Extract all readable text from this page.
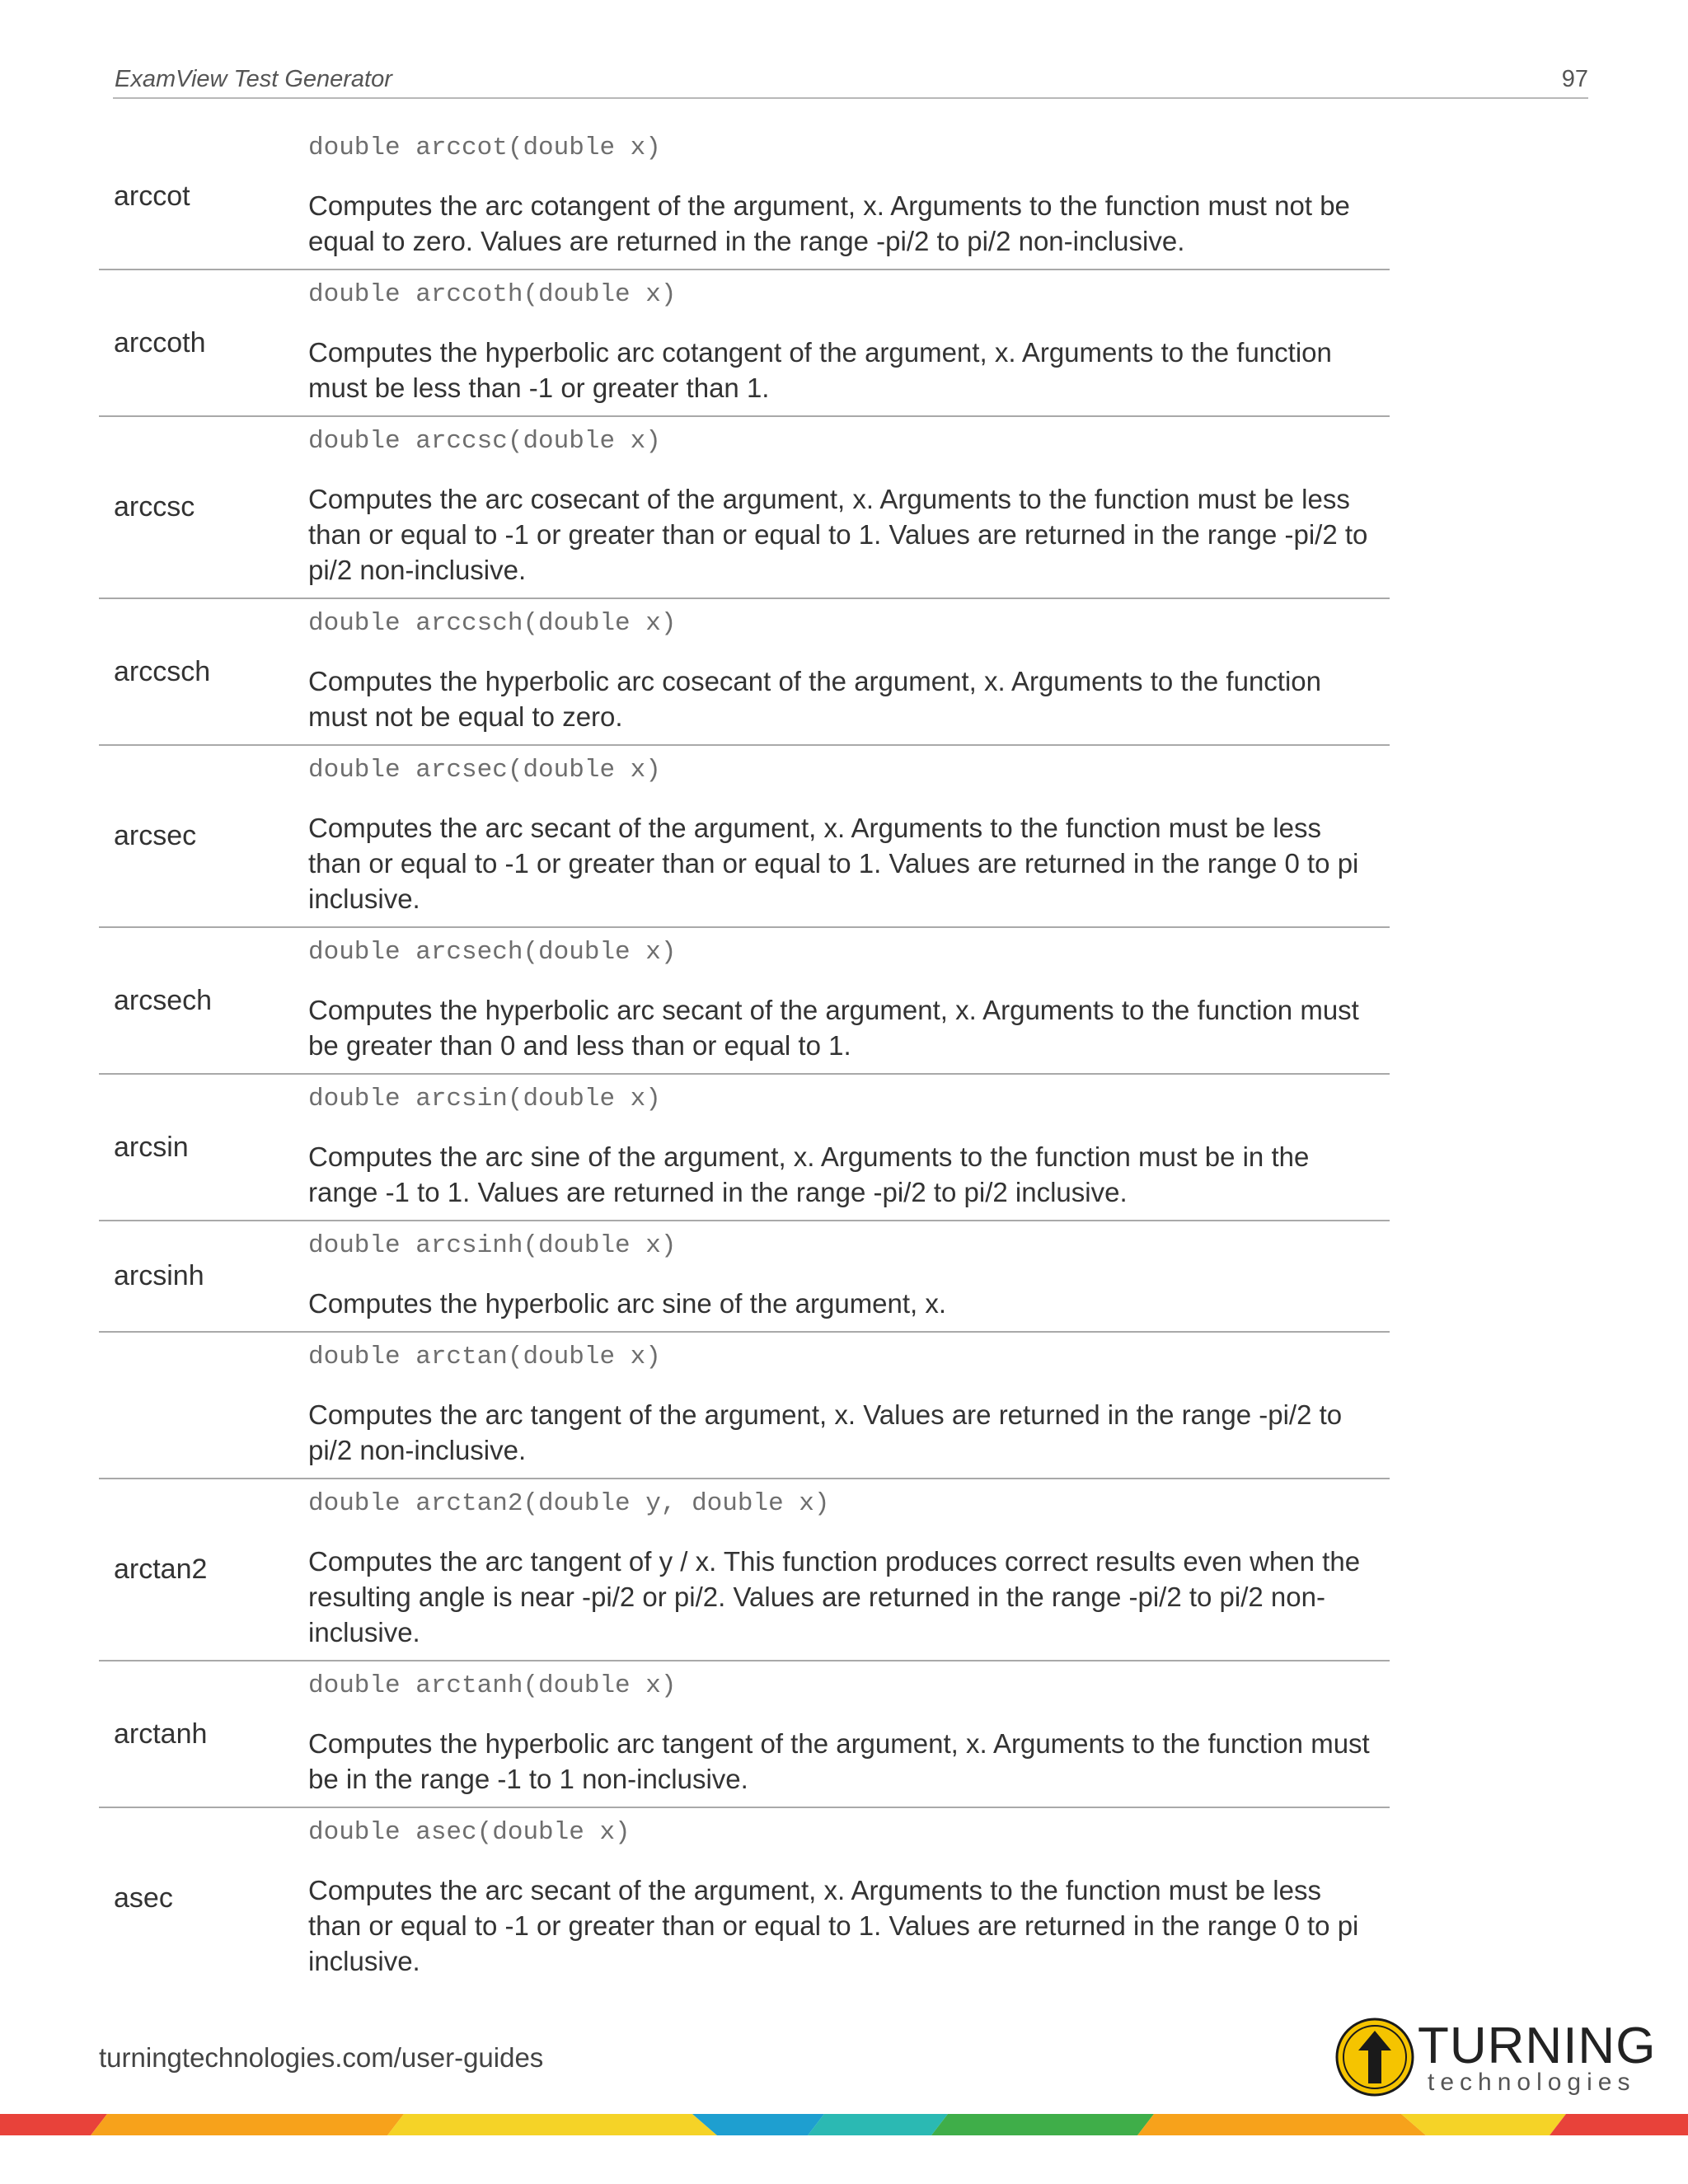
ExamView Test Generator	97
arccot
double arccot(double x)
Computes the arc cotangent of the argument, x. Arguments to the function must not be equal to zero. Values are returned in the range -pi/2 to pi/2 non-inclusive.
arccoth
double arccoth(double x)
Computes the hyperbolic arc cotangent of the argument, x. Arguments to the function must be less than -1 or greater than 1.
arccsc
double arccsc(double x)
Computes the arc cosecant of the argument, x. Arguments to the function must be less than or equal to -1 or greater than or equal to 1. Values are returned in the range -pi/2 to pi/2 non-inclusive.
arccsch
double arccsch(double x)
Computes the hyperbolic arc cosecant of the argument, x. Arguments to the function must not be equal to zero.
arcsec
double arcsec(double x)
Computes the arc secant of the argument, x. Arguments to the function must be less than or equal to -1 or greater than or equal to 1. Values are returned in the range 0 to pi inclusive.
arcsech
double arcsech(double x)
Computes the hyperbolic arc secant of the argument, x. Arguments to the function must be greater than 0 and less than or equal to 1.
arcsin
double arcsin(double x)
Computes the arc sine of the argument, x. Arguments to the function must be in the range -1 to 1. Values are returned in the range -pi/2 to pi/2 inclusive.
arcsinh
double arcsinh(double x)
Computes the hyperbolic arc sine of the argument, x.
double arctan(double x)
Computes the arc tangent of the argument, x. Values are returned in the range -pi/2 to pi/2 non-inclusive.
arctan2
double arctan2(double y, double x)
Computes the arc tangent of y / x. This function produces correct results even when the resulting angle is near -pi/2 or pi/2. Values are returned in the range -pi/2 to pi/2 non-inclusive.
arctanh
double arctanh(double x)
Computes the hyperbolic arc tangent of the argument, x. Arguments to the function must be in the range -1 to 1 non-inclusive.
asec
double asec(double x)
Computes the arc secant of the argument, x. Arguments to the function must be less than or equal to -1 or greater than or equal to 1. Values are returned in the range 0 to pi inclusive.
turningtechnologies.com/user-guides	TURNING
technologies
